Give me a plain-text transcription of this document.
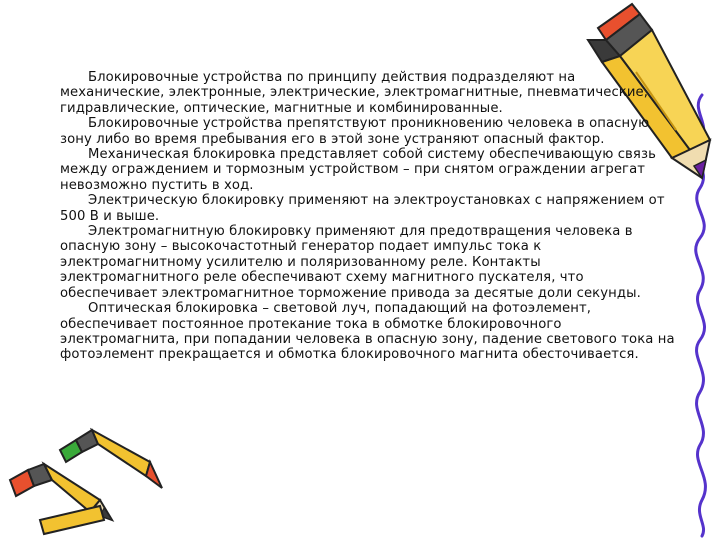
Блокировочные устройства по принципу действия подразделяют на механические, электронные, электрические, электромагнитные, пневматические, гидравлические, оптические, магнитные и комбинированные.

Блокировочные устройства препятствуют проникновению человека в опасную зону либо во время пребывания его в этой зоне устраняют опасный фактор.

Механическая блокировка представляет собой систему обеспечивающую связь между ограждением и тормозным устройством – при снятом ограждении агрегат невозможно пустить в ход.

Электрическую блокировку применяют на электроустановках с напряжением от 500 В и выше.

Электромагнитную блокировку применяют для предотвращения человека в опасную зону – высокочастотный генератор подает импульс тока к электромагнитному усилителю и поляризованному реле. Контакты электромагнитного реле обеспечивают схему магнитного пускателя, что обеспечивает электромагнитное торможение привода за десятые доли секунды.

Оптическая блокировка – световой луч, попадающий на фотоэлемент, обеспечивает постоянное протекание тока в обмотке блокировочного электромагнита, при попадании человека в опасную зону, падение светового тока на фотоэлемент прекращается и обмотка блокировочного магнита обесточивается.
